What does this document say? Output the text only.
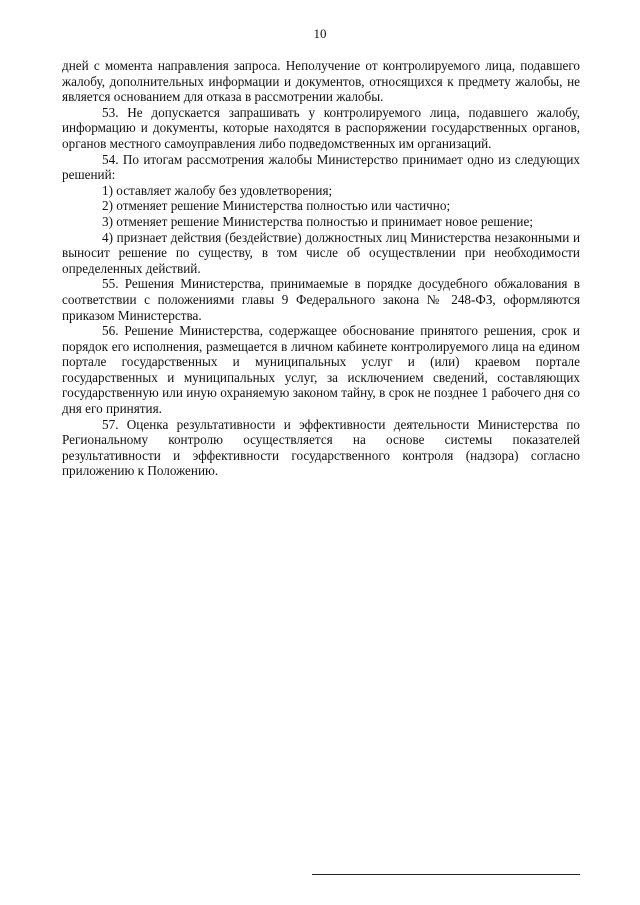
10

дней с момента направления запроса. Неполучение от контролируемого лица, подавшего жалобу, дополнительных информации и документов, относящихся к предмету жалобы, не является основанием для отказа в рассмотрении жалобы.

53. Не допускается запрашивать у контролируемого лица, подавшего жалобу, информацию и документы, которые находятся в распоряжении государственных органов, органов местного самоуправления либо подведомственных им организаций.

54. По итогам рассмотрения жалобы Министерство принимает одно из следующих решений:

1) оставляет жалобу без удовлетворения;

2) отменяет решение Министерства полностью или частично;

3) отменяет решение Министерства полностью и принимает новое решение;

4) признает действия (бездействие) должностных лиц Министерства незаконными и выносит решение по существу, в том числе об осуществлении при необходимости определенных действий.

55. Решения Министерства, принимаемые в порядке досудебного обжалования в соответствии с положениями главы 9 Федерального закона № 248-ФЗ, оформляются приказом Министерства.

56. Решение Министерства, содержащее обоснование принятого решения, срок и порядок его исполнения, размещается в личном кабинете контролируемого лица на едином портале государственных и муниципальных услуг и (или) краевом портале государственных и муниципальных услуг, за исключением сведений, составляющих государственную или иную охраняемую законом тайну, в срок не позднее 1 рабочего дня со дня его принятия.

57. Оценка результативности и эффективности деятельности Министерства по Региональному контролю осуществляется на основе системы показателей результативности и эффективности государственного контроля (надзора) согласно приложению к Положению.
